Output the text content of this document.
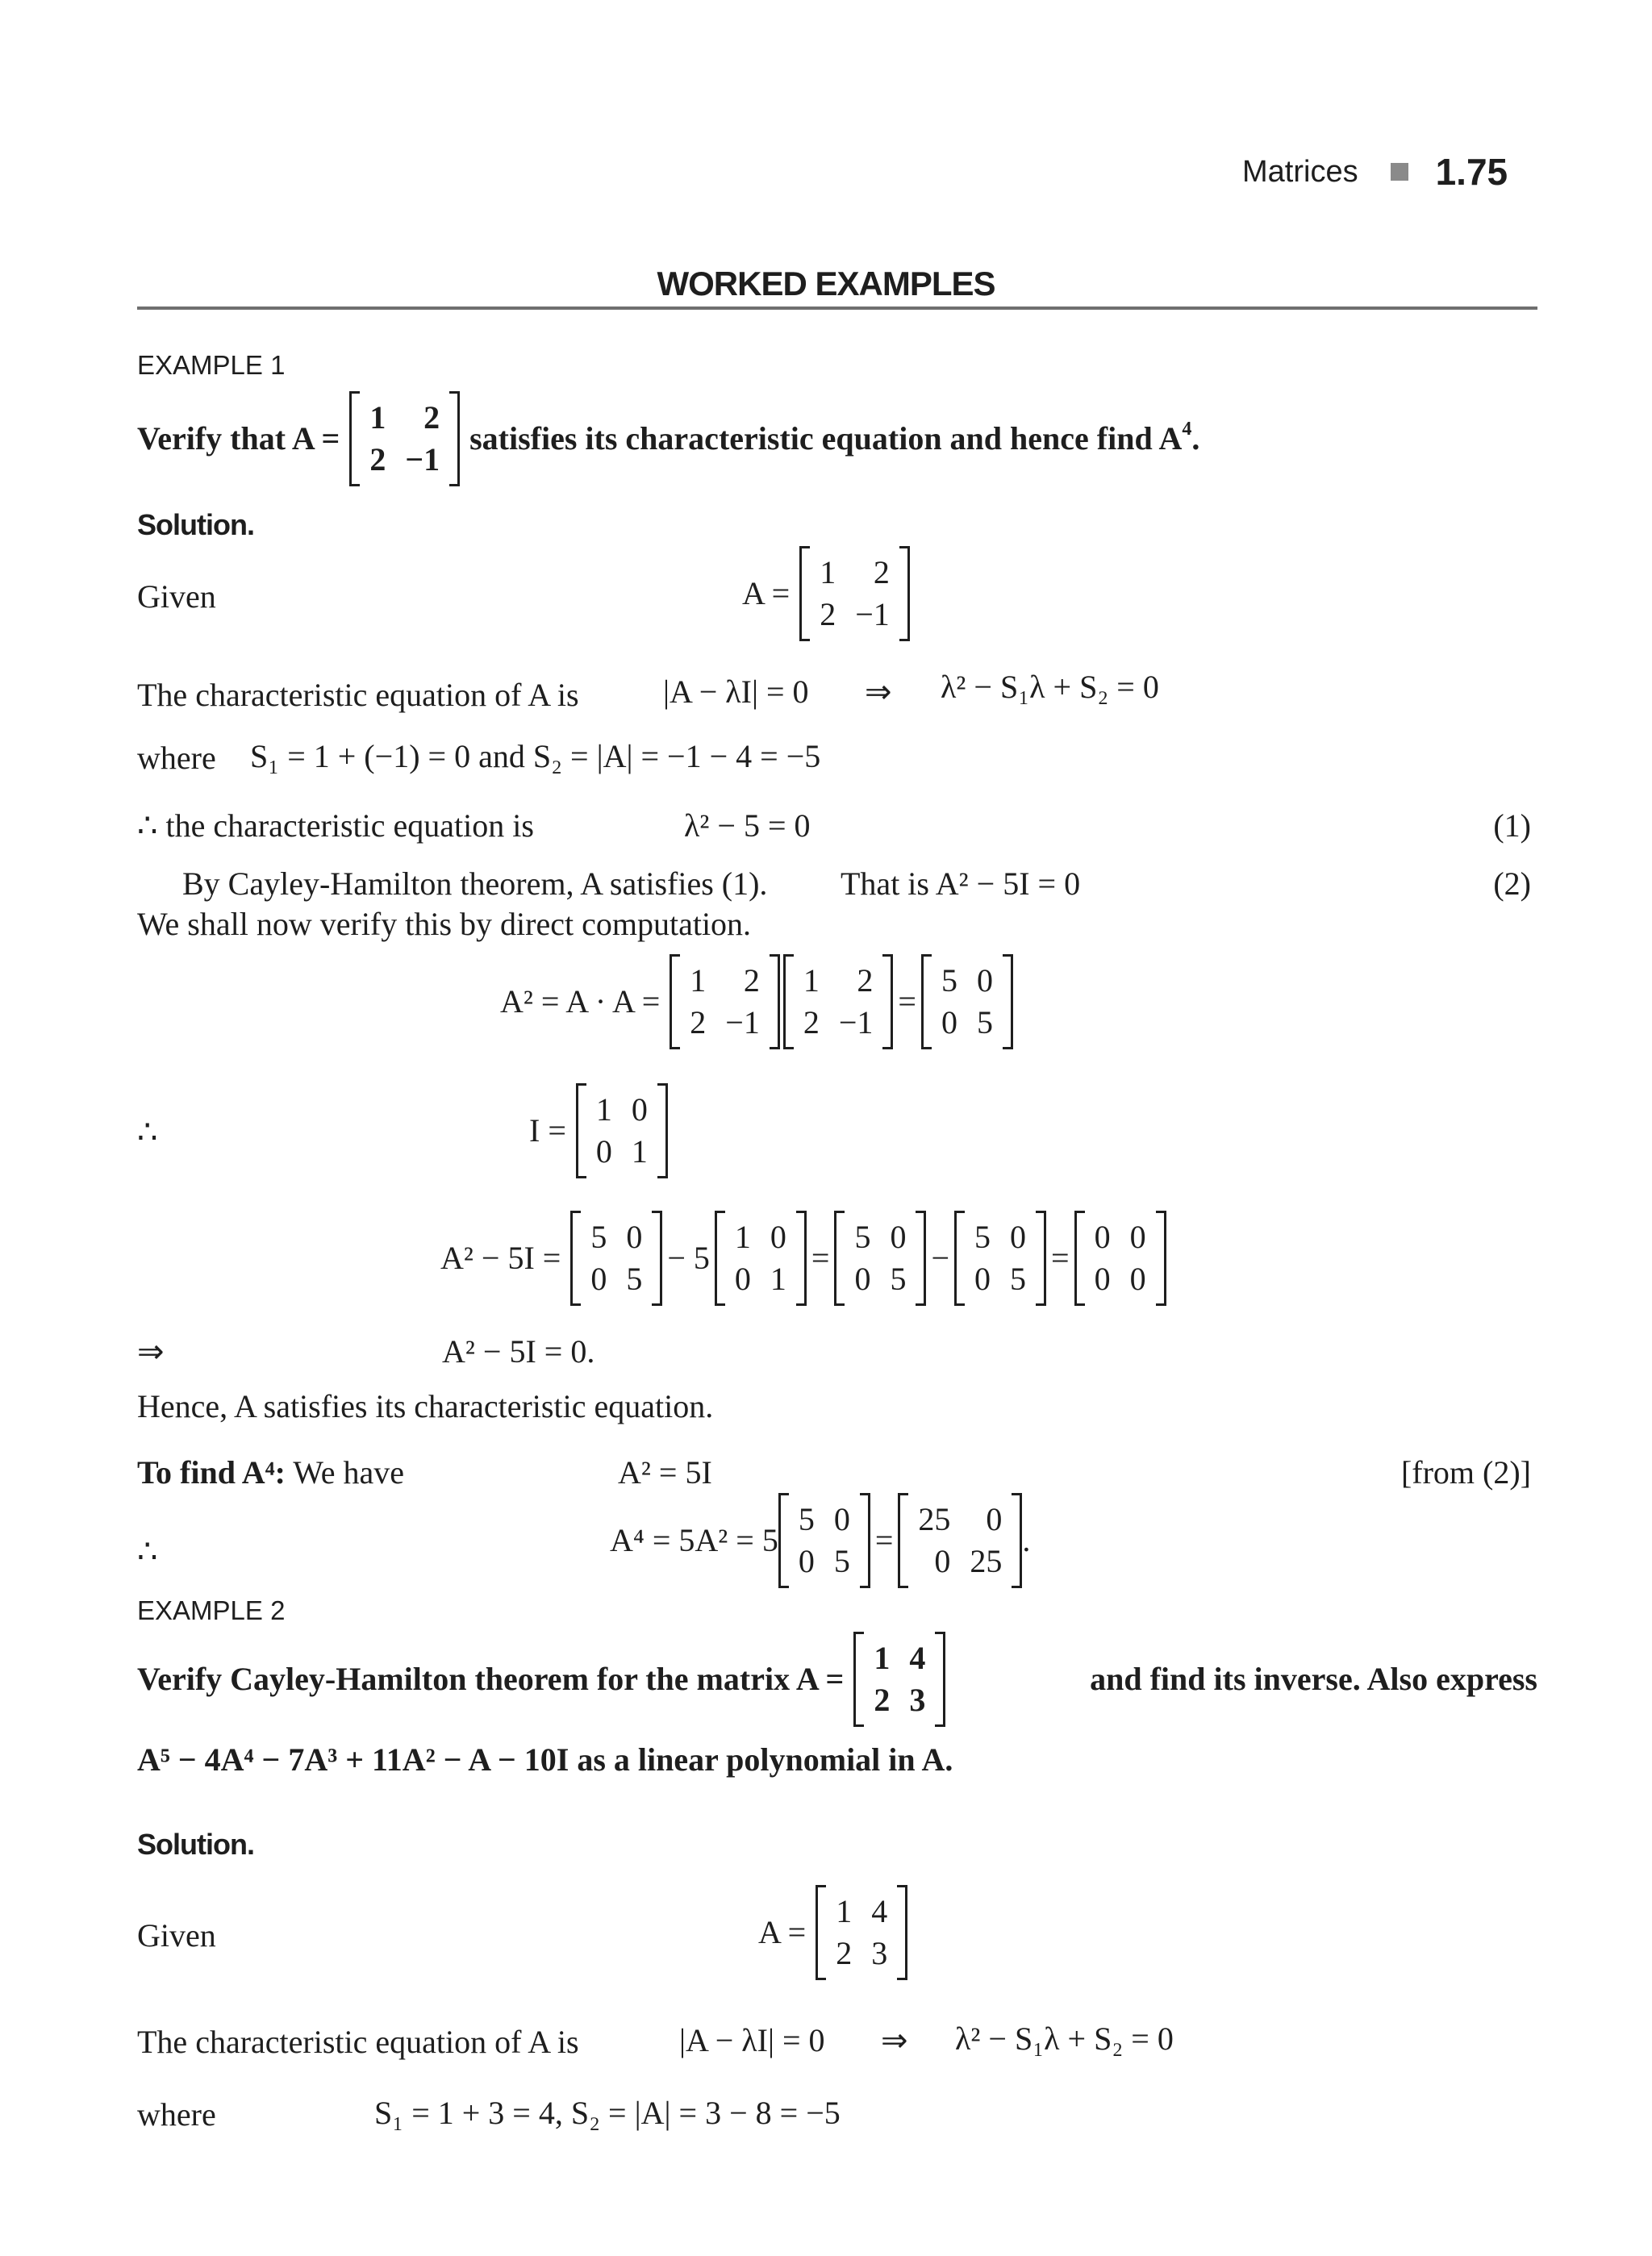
Matrices 1.75
WORKED EXAMPLES
EXAMPLE 1
Verify that A =
1	2
2	−1
satisfies its characteristic equation and hence find $A^4$.
Solution.
Given	A =
1	2
2	−1
The characteristic equation of A is	|A − λI| = 0 ⇒ λ² − S₁λ + S₂ = 0
where S₁ = 1 + (−1) = 0 and S₂ = |A| = −1 − 4 = −5
∴ the characteristic equation is	λ² − 5 = 0	(1)
By Cayley-Hamilton theorem, A satisfies (1). That is A² − 5I = 0	(2)
We shall now verify this by direct computation.
A² = A · A =
1	2
2	−1
1	2
2	−1
=
5	0
0	5
∴	I =
1	0
0	1
A² − 5I =
5	0
0	5
− 5
1	0
0	1
=
5	0
0	5
−
5	0
0	5
=
0	0
0	0
⇒	A² − 5I = 0.
Hence, A satisfies its characteristic equation.
To find A⁴: We have	A² = 5I	[from (2)]
∴	A⁴ = 5A² = 5
5	0
0	5
=
25	0
0	25
.
EXAMPLE 2
Verify Cayley-Hamilton theorem for the matrix A =
1	4
2	3
and find its inverse. Also express
A⁵ − 4A⁴ − 7A³ + 11A² − A − 10I as a linear polynomial in A.
Solution.
Given	A =
1	4
2	3
The characteristic equation of A is	|A − λI| = 0 ⇒ λ² − S₁λ + S₂ = 0
where	S₁ = 1 + 3 = 4, S₂ = |A| = 3 − 8 = −5
